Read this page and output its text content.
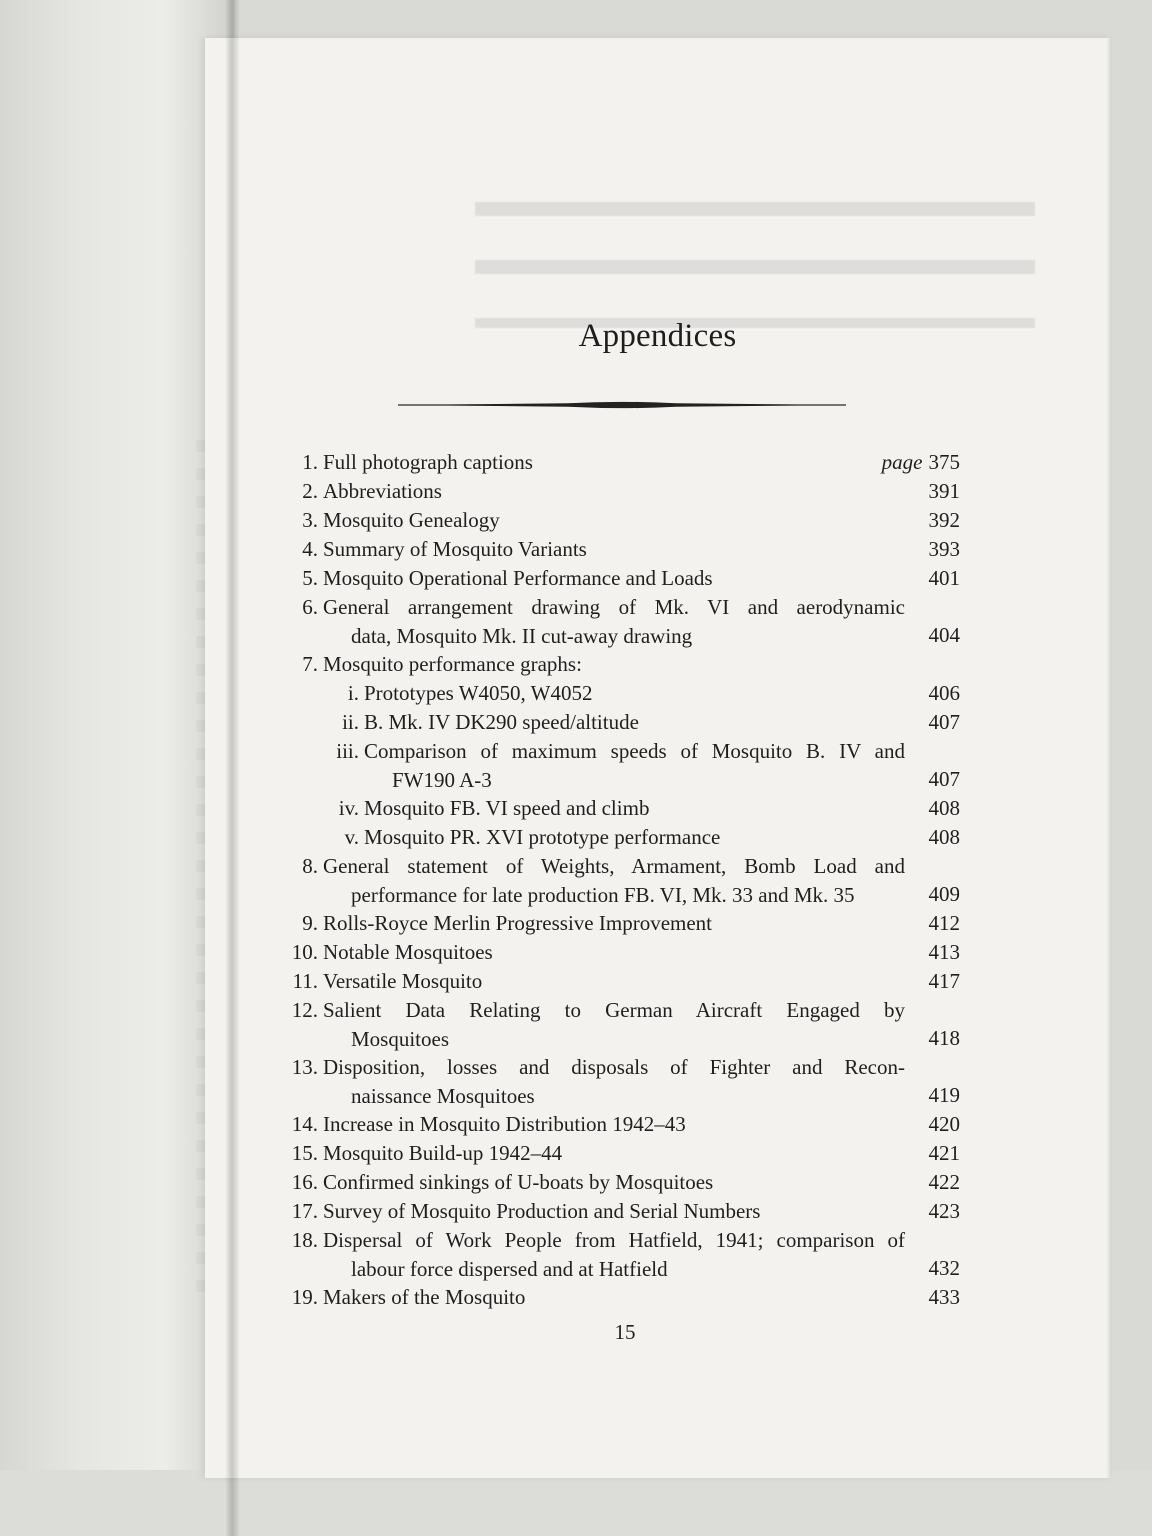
Appendices
1. Full photograph captions	page 375
2. Abbreviations	391
3. Mosquito Genealogy	392
4. Summary of Mosquito Variants	393
5. Mosquito Operational Performance and Loads	401
6. General arrangement drawing of Mk. VI and aerodynamic
data, Mosquito Mk. II cut-away drawing	404
7. Mosquito performance graphs:
i. Prototypes W4050, W4052	406
ii. B. Mk. IV DK290 speed/altitude	407
iii. Comparison of maximum speeds of Mosquito B. IV and
FW190 A-3	407
iv. Mosquito FB. VI speed and climb	408
v. Mosquito PR. XVI prototype performance	408
8. General statement of Weights, Armament, Bomb Load and
performance for late production FB. VI, Mk. 33 and Mk. 35	409
9. Rolls-Royce Merlin Progressive Improvement	412
10. Notable Mosquitoes	413
11. Versatile Mosquito	417
12. Salient Data Relating to German Aircraft Engaged by
Mosquitoes	418
13. Disposition, losses and disposals of Fighter and Recon-
naissance Mosquitoes	419
14. Increase in Mosquito Distribution 1942–43	420
15. Mosquito Build-up 1942–44	421
16. Confirmed sinkings of U-boats by Mosquitoes	422
17. Survey of Mosquito Production and Serial Numbers	423
18. Dispersal of Work People from Hatfield, 1941; comparison of
labour force dispersed and at Hatfield	432
19. Makers of the Mosquito	433
15
